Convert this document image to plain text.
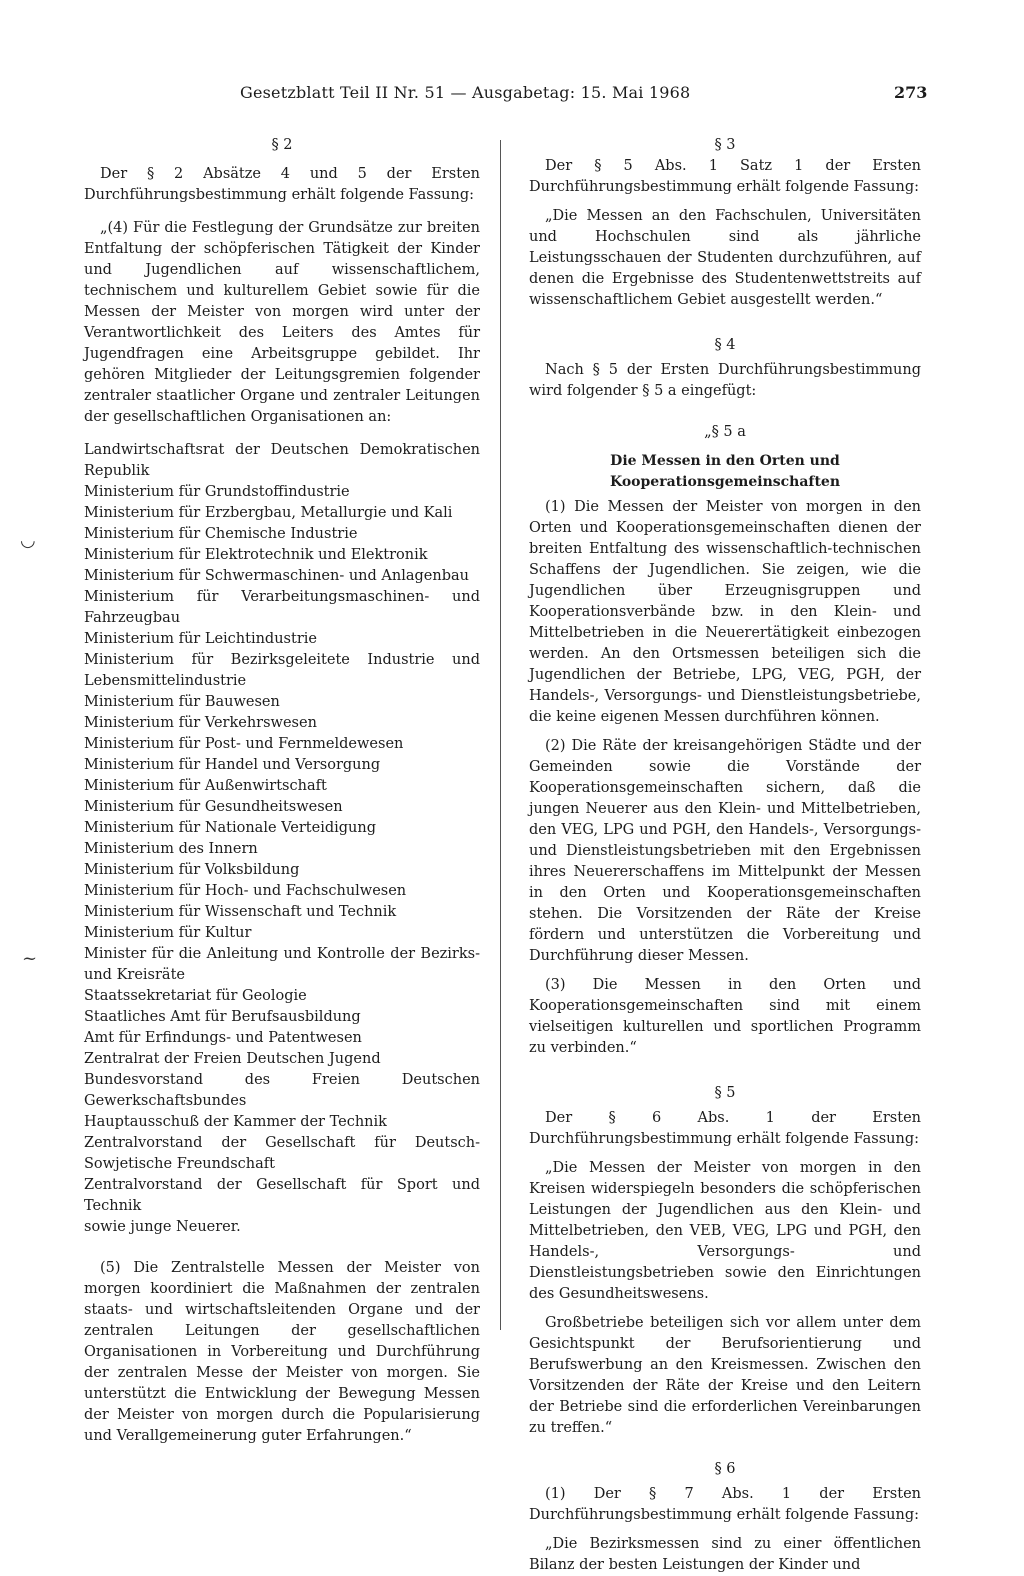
Gesetzblatt Teil II Nr. 51 — Ausgabetag: 15. Mai 1968	273

§ 2

Der § 2 Absätze 4 und 5 der Ersten Durchführungsbestimmung erhält folgende Fassung:

„(4) Für die Festlegung der Grundsätze zur breiten Entfaltung der schöpferischen Tätigkeit der Kinder und Jugendlichen auf wissenschaftlichem, technischem und kulturellem Gebiet sowie für die Messen der Meister von morgen wird unter der Verantwortlichkeit des Leiters des Amtes für Jugendfragen eine Arbeitsgruppe gebildet. Ihr gehören Mitglieder der Leitungsgremien folgender zentraler staatlicher Organe und zentraler Leitungen der gesellschaftlichen Organisationen an:

Landwirtschaftsrat der Deutschen Demokratischen Republik

Ministerium für Grundstoffindustrie

Ministerium für Erzbergbau, Metallurgie und Kali

Ministerium für Chemische Industrie

Ministerium für Elektrotechnik und Elektronik

Ministerium für Schwermaschinen- und Anlagenbau

Ministerium für Verarbeitungsmaschinen- und Fahrzeugbau

Ministerium für Leichtindustrie

Ministerium für Bezirksgeleitete Industrie und Lebensmittelindustrie

Ministerium für Bauwesen

Ministerium für Verkehrswesen

Ministerium für Post- und Fernmeldewesen

Ministerium für Handel und Versorgung

Ministerium für Außenwirtschaft

Ministerium für Gesundheitswesen

Ministerium für Nationale Verteidigung

Ministerium des Innern

Ministerium für Volksbildung

Ministerium für Hoch- und Fachschulwesen

Ministerium für Wissenschaft und Technik

Ministerium für Kultur

Minister für die Anleitung und Kontrolle der Bezirks- und Kreisräte

Staatssekretariat für Geologie

Staatliches Amt für Berufsausbildung

Amt für Erfindungs- und Patentwesen

Zentralrat der Freien Deutschen Jugend

Bundesvorstand des Freien Deutschen Gewerkschaftsbundes

Hauptausschuß der Kammer der Technik

Zentralvorstand der Gesellschaft für Deutsch-Sowjetische Freundschaft

Zentralvorstand der Gesellschaft für Sport und Technik

sowie junge Neuerer.

(5) Die Zentralstelle Messen der Meister von morgen koordiniert die Maßnahmen der zentralen staats- und wirtschaftsleitenden Organe und der zentralen Leitungen der gesellschaftlichen Organisationen in Vorbereitung und Durchführung der zentralen Messe der Meister von morgen. Sie unterstützt die Entwicklung der Bewegung Messen der Meister von morgen durch die Popularisierung und Verallgemeinerung guter Erfahrungen.“

§ 3

Der § 5 Abs. 1 Satz 1 der Ersten Durchführungsbestimmung erhält folgende Fassung:

„Die Messen an den Fachschulen, Universitäten und Hochschulen sind als jährliche Leistungsschauen der Studenten durchzuführen, auf denen die Ergebnisse des Studentenwettstreits auf wissenschaftlichem Gebiet ausgestellt werden.“

§ 4

Nach § 5 der Ersten Durchführungsbestimmung wird folgender § 5 a eingefügt:

„§ 5 a

Die Messen in den Orten und

Kooperationsgemeinschaften

(1) Die Messen der Meister von morgen in den Orten und Kooperationsgemeinschaften dienen der breiten Entfaltung des wissenschaftlich-technischen Schaffens der Jugendlichen. Sie zeigen, wie die Jugendlichen über Erzeugnisgruppen und Kooperationsverbände bzw. in den Klein- und Mittelbetrieben in die Neuerertätigkeit einbezogen werden. An den Ortsmessen beteiligen sich die Jugendlichen der Betriebe, LPG, VEG, PGH, der Handels-, Versorgungs- und Dienstleistungsbetriebe, die keine eigenen Messen durchführen können.

(2) Die Räte der kreisangehörigen Städte und der Gemeinden sowie die Vorstände der Kooperationsgemeinschaften sichern, daß die jungen Neuerer aus den Klein- und Mittelbetrieben, den VEG, LPG und PGH, den Handels-, Versorgungs- und Dienstleistungsbetrieben mit den Ergebnissen ihres Neuererschaffens im Mittelpunkt der Messen in den Orten und Kooperationsgemeinschaften stehen. Die Vorsitzenden der Räte der Kreise fördern und unterstützen die Vorbereitung und Durchführung dieser Messen.

(3) Die Messen in den Orten und Kooperationsgemeinschaften sind mit einem vielseitigen kulturellen und sportlichen Programm zu verbinden.“

§ 5

Der § 6 Abs. 1 der Ersten Durchführungsbestimmung erhält folgende Fassung:

„Die Messen der Meister von morgen in den Kreisen widerspiegeln besonders die schöpferischen Leistungen der Jugendlichen aus den Klein- und Mittelbetrieben, den VEB, VEG, LPG und PGH, den Handels-, Versorgungs- und Dienstleistungsbetrieben sowie den Einrichtungen des Gesundheitswesens.

Großbetriebe beteiligen sich vor allem unter dem Gesichtspunkt der Berufsorientierung und Berufswerbung an den Kreismessen. Zwischen den Vorsitzenden der Räte der Kreise und den Leitern der Betriebe sind die erforderlichen Vereinbarungen zu treffen.“

§ 6

(1) Der § 7 Abs. 1 der Ersten Durchführungsbestimmung erhält folgende Fassung:

„Die Bezirksmessen sind zu einer öffentlichen Bilanz der besten Leistungen der Kinder und

◡
~
